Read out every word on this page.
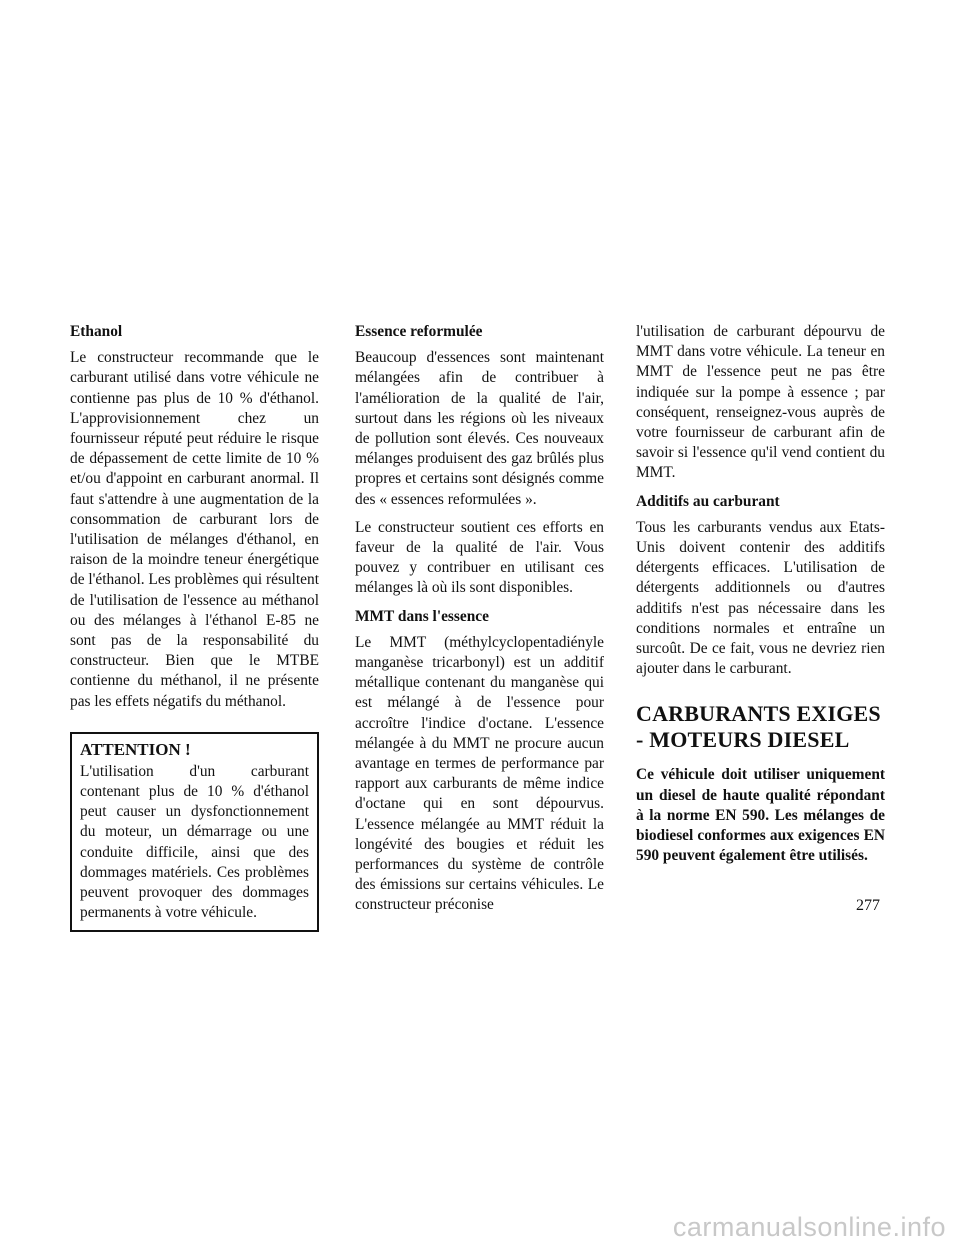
Ethanol

Le constructeur recommande que le carburant utilisé dans votre véhicule ne contienne pas plus de 10 % d'éthanol. L'approvisionnement chez un fournisseur réputé peut réduire le risque de dépassement de cette limite de 10 % et/ou d'appoint en carburant anormal. Il faut s'attendre à une augmentation de la consommation de carburant lors de l'utilisation de mélanges d'éthanol, en raison de la moindre teneur énergétique de l'éthanol. Les problèmes qui résultent de l'utilisation de l'essence au méthanol ou des mélanges à l'éthanol E-85 ne sont pas de la responsabilité du constructeur. Bien que le MTBE contienne du méthanol, il ne présente pas les effets négatifs du méthanol.

ATTENTION !

L'utilisation d'un carburant contenant plus de 10 % d'éthanol peut causer un dysfonctionnement du moteur, un démarrage ou une conduite difficile, ainsi que des dommages matériels. Ces problèmes peuvent provoquer des dommages permanents à votre véhicule.

Essence reformulée

Beaucoup d'essences sont maintenant mélangées afin de contribuer à l'amélioration de la qualité de l'air, surtout dans les régions où les niveaux de pollution sont élevés. Ces nouveaux mélanges produisent des gaz brûlés plus propres et certains sont désignés comme des « essences reformulées ».

Le constructeur soutient ces efforts en faveur de la qualité de l'air. Vous pouvez y contribuer en utilisant ces mélanges là où ils sont disponibles.

MMT dans l'essence

Le MMT (méthylcyclopentadiényle manganèse tricarbonyl) est un additif métallique contenant du manganèse qui est mélangé à de l'essence pour accroître l'indice d'octane. L'essence mélangée à du MMT ne procure aucun avantage en termes de performance par rapport aux carburants de même indice d'octane qui en sont dépourvus. L'essence mélangée au MMT réduit la longévité des bougies et réduit les performances du système de contrôle des émissions sur certains véhicules. Le constructeur préconise

l'utilisation de carburant dépourvu de MMT dans votre véhicule. La teneur en MMT de l'essence peut ne pas être indiquée sur la pompe à essence ; par conséquent, renseignez-vous auprès de votre fournisseur de carburant afin de savoir si l'essence qu'il vend contient du MMT.

Additifs au carburant

Tous les carburants vendus aux Etats-Unis doivent contenir des additifs détergents efficaces. L'utilisation de détergents additionnels ou d'autres additifs n'est pas nécessaire dans les conditions normales et entraîne un surcoût. De ce fait, vous ne devriez rien ajouter dans le carburant.

CARBURANTS EXIGES - MOTEURS DIESEL

Ce véhicule doit utiliser uniquement un diesel de haute qualité répondant à la norme EN 590. Les mélanges de biodiesel conformes aux exigences EN 590 peuvent également être utilisés.

277
carmanualsonline.info
